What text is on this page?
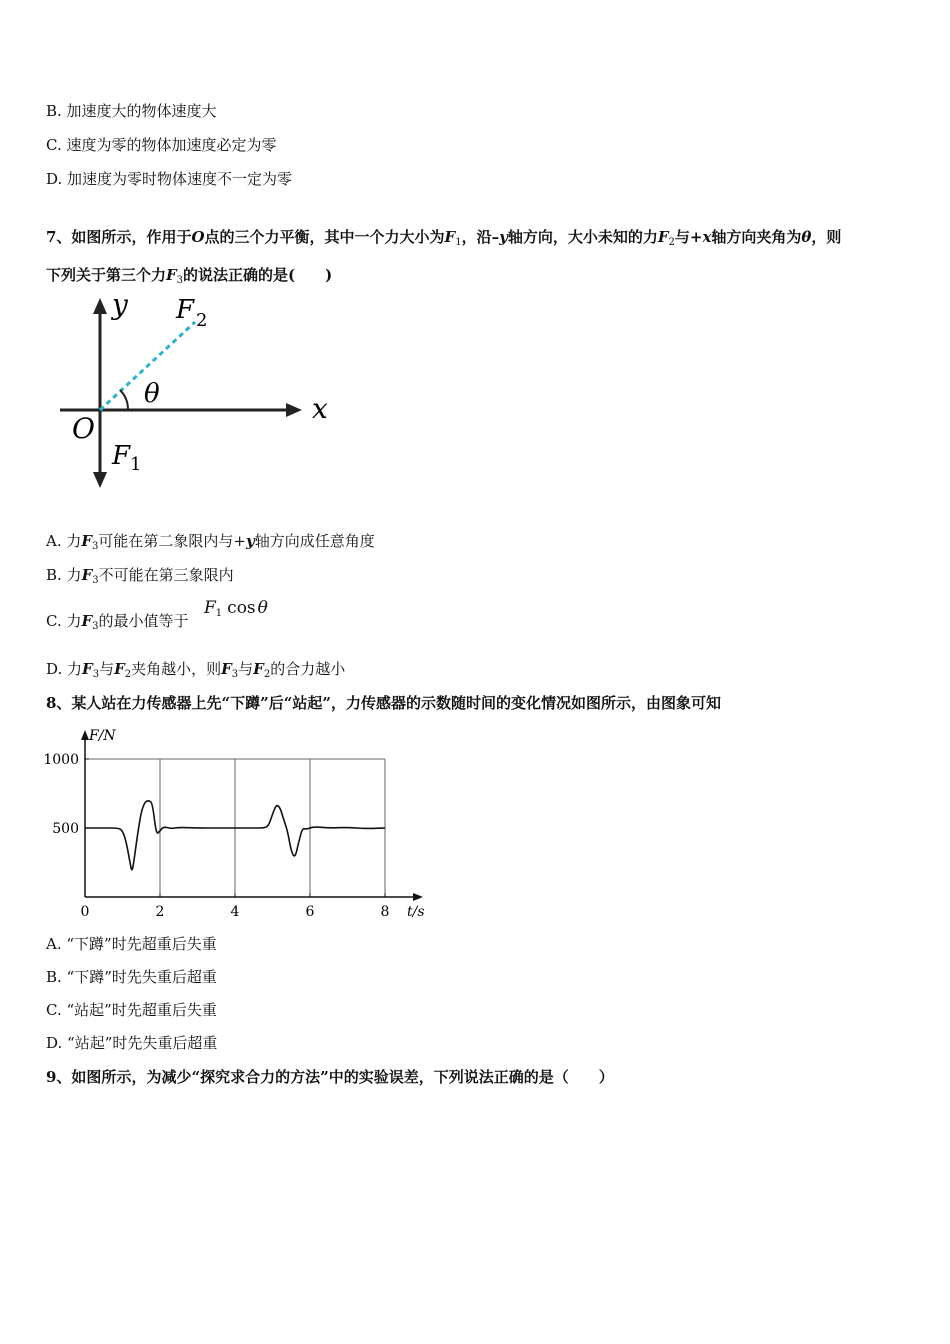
B. 加速度大的物体速度大
C. 速度为零的物体加速度必定为零
D. 加速度为零时物体速度不一定为零
7、如图所示，作用于O点的三个力平衡，其中一个力大小为$F_1$，沿–y轴方向，大小未知的力$F_2$与+x轴方向夹角为θ，则
下列关于第三个力$F_3$的说法正确的是(　　)
y
x
O
F 2
F 1
θ
A. 力$F_3$可能在第二象限内与+y轴方向成任意角度
B. 力$F_3$不可能在第三象限内
C. 力$F_3$的最小值等于
F1 cos θ
D. 力$F_3$与$F_2$夹角越小，则$F_3$与$F_2$的合力越小
8、某人站在力传感器上先“下蹲”后“站起”，力传感器的示数随时间的变化情况如图所示，由图象可知
0	2	4	6	8
500
1000
F/N
t/s
A. “下蹲”时先超重后失重
B. “下蹲”时先失重后超重
C. “站起”时先超重后失重
D. “站起”时先失重后超重
9、如图所示，为减少“探究求合力的方法”中的实验误差，下列说法正确的是（　　）
